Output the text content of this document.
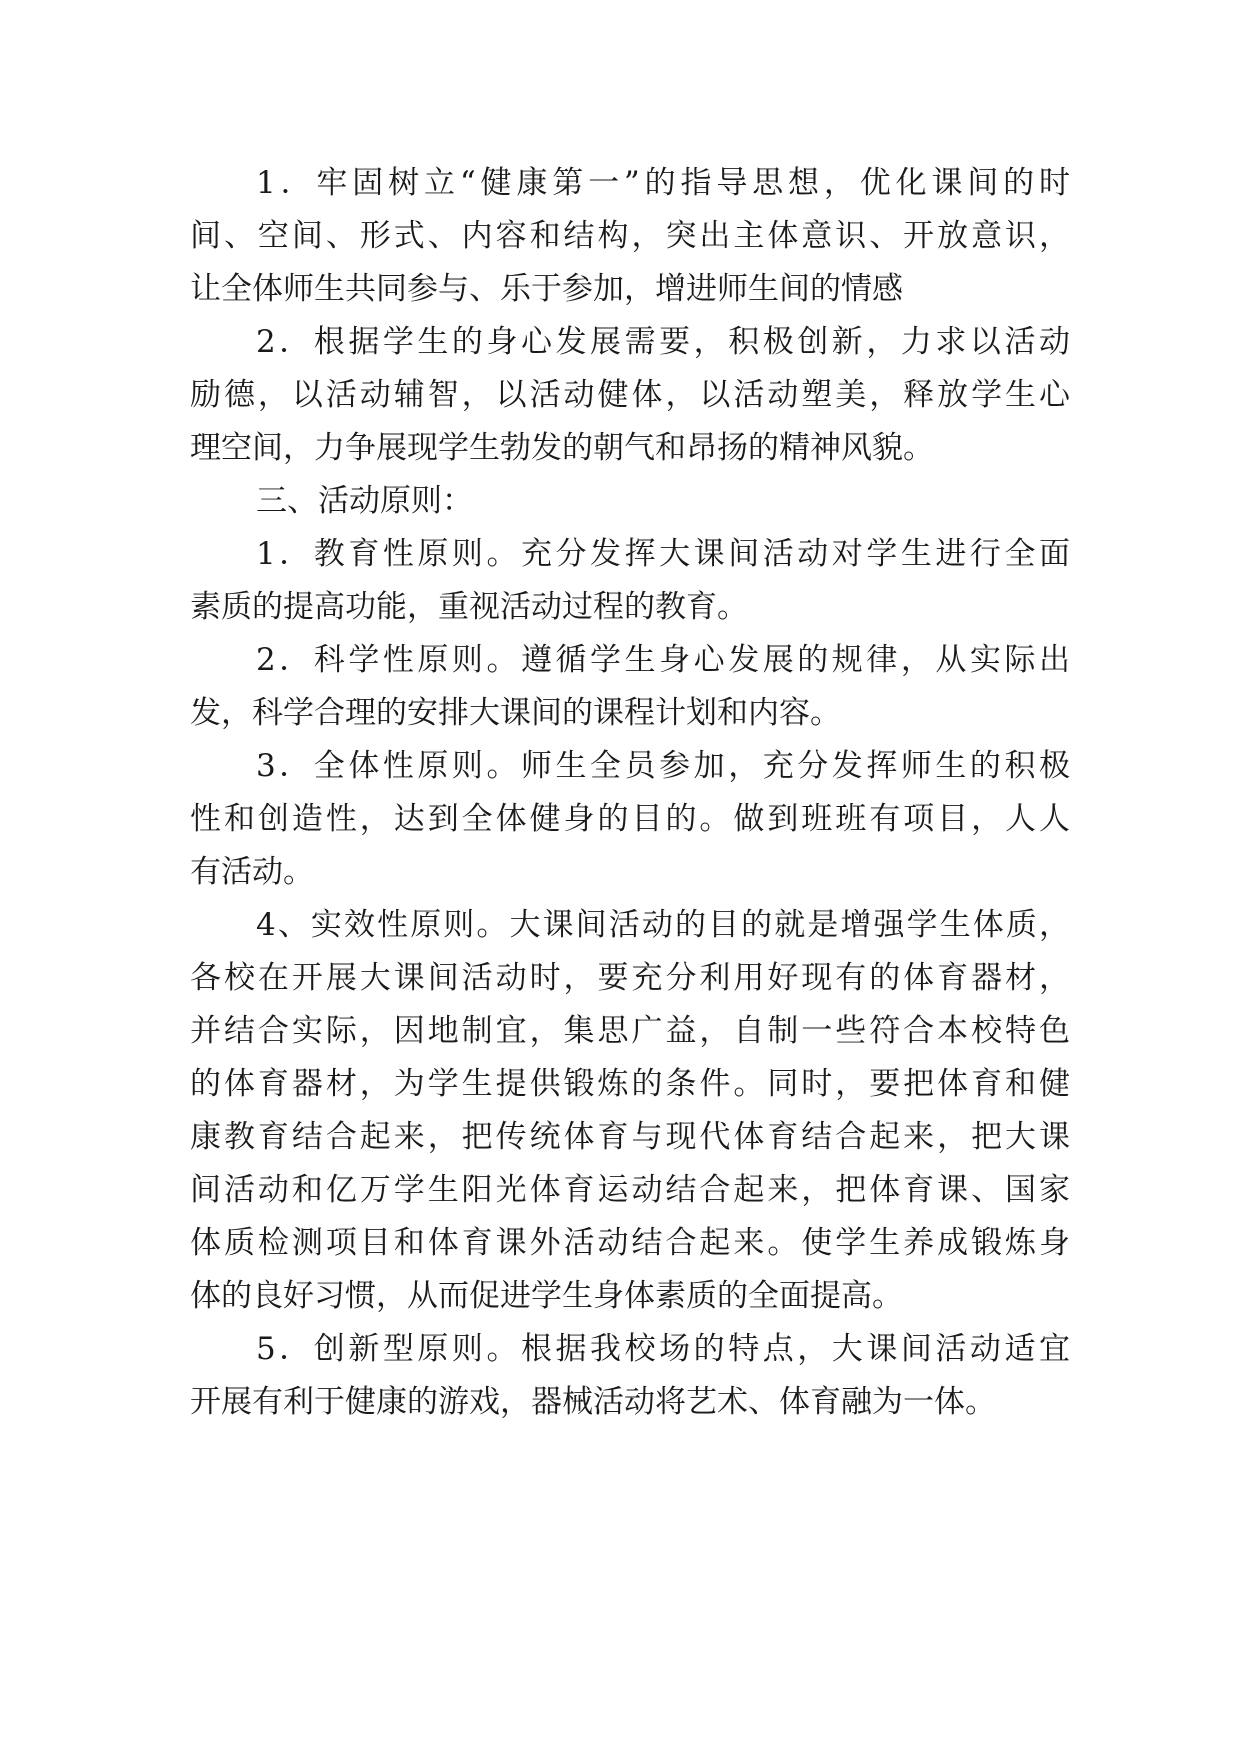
1．牢固树立“健康第一”的指导思想，优化课间的时
间、空间、形式、内容和结构，突出主体意识、开放意识，
让全体师生共同参与、乐于参加，增进师生间的情感
2．根据学生的身心发展需要，积极创新，力求以活动
励德，以活动辅智，以活动健体，以活动塑美，释放学生心
理空间，力争展现学生勃发的朝气和昂扬的精神风貌。
三、活动原则：
1．教育性原则。充分发挥大课间活动对学生进行全面
素质的提高功能，重视活动过程的教育。
2．科学性原则。遵循学生身心发展的规律，从实际出
发，科学合理的安排大课间的课程计划和内容。
3．全体性原则。师生全员参加，充分发挥师生的积极
性和创造性，达到全体健身的目的。做到班班有项目，人人
有活动。
4、实效性原则。大课间活动的目的就是增强学生体质，
各校在开展大课间活动时，要充分利用好现有的体育器材，
并结合实际，因地制宜，集思广益，自制一些符合本校特色
的体育器材，为学生提供锻炼的条件。同时，要把体育和健
康教育结合起来，把传统体育与现代体育结合起来，把大课
间活动和亿万学生阳光体育运动结合起来，把体育课、国家
体质检测项目和体育课外活动结合起来。使学生养成锻炼身
体的良好习惯，从而促进学生身体素质的全面提高。
5．创新型原则。根据我校场的特点，大课间活动适宜
开展有利于健康的游戏，器械活动将艺术、体育融为一体。
